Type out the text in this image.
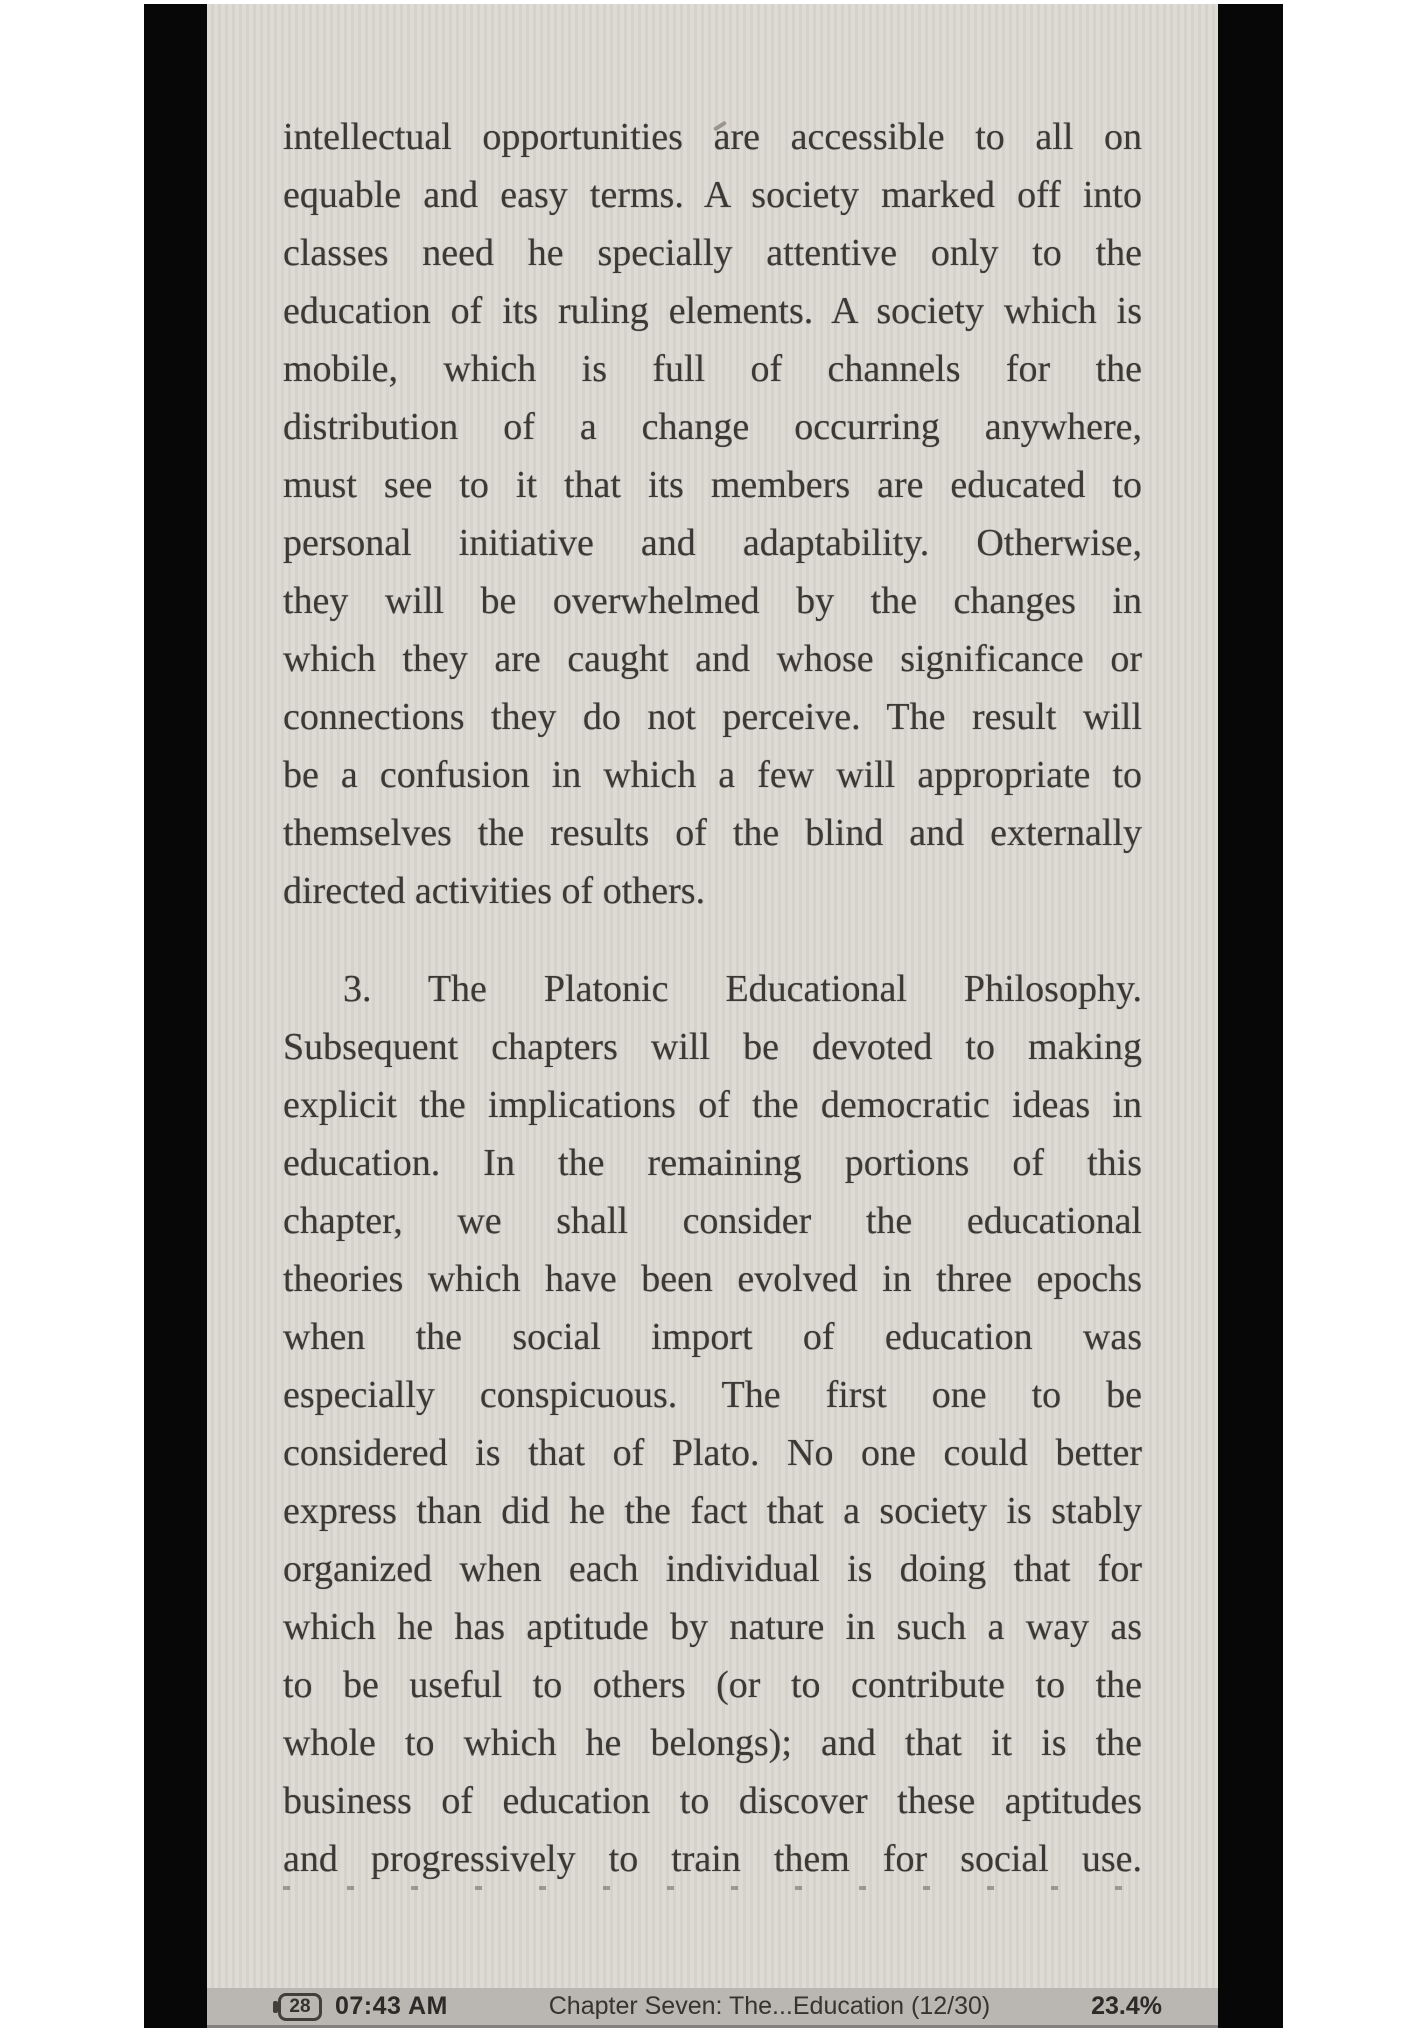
intellectual opportunities are accessible to all on
equable and easy terms. A society marked off into
classes need he specially attentive only to the
education of its ruling elements. A society which is
mobile, which is full of channels for the
distribution of a change occurring anywhere,
must see to it that its members are educated to
personal initiative and adaptability. Otherwise,
they will be overwhelmed by the changes in
which they are caught and whose significance or
connections they do not perceive. The result will
be a confusion in which a few will appropriate to
themselves the results of the blind and externally
directed activities of others.
3. The Platonic Educational Philosophy.
Subsequent chapters will be devoted to making
explicit the implications of the democratic ideas in
education. In the remaining portions of this
chapter, we shall consider the educational
theories which have been evolved in three epochs
when the social import of education was
especially conspicuous. The first one to be
considered is that of Plato. No one could better
express than did he the fact that a society is stably
organized when each individual is doing that for
which he has aptitude by nature in such a way as
to be useful to others (or to contribute to the
whole to which he belongs); and that it is the
business of education to discover these aptitudes
and progressively to train them for social use.
28 07:43 AM	Chapter Seven: The...Education (12/30)	23.4%
